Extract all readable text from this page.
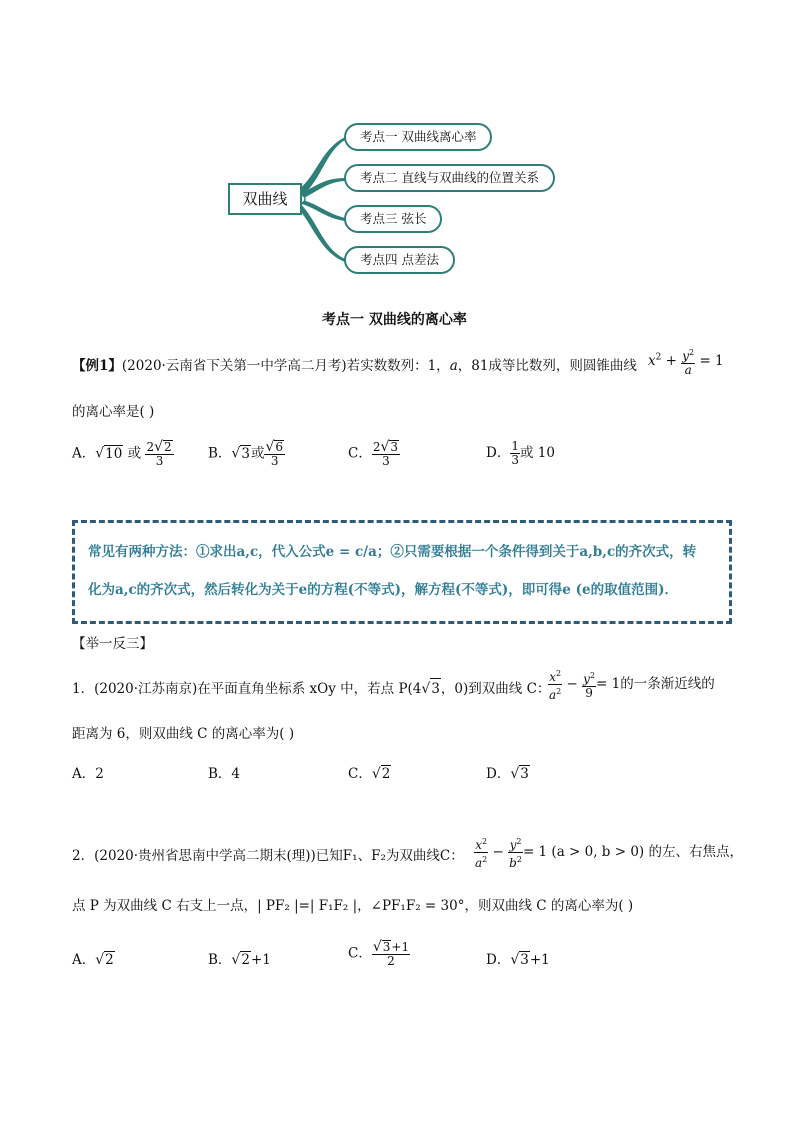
双曲线
考点一 双曲线离心率
考点二 直线与双曲线的位置关系
考点三 弦长
考点四 点差法
考点一 双曲线的离心率
【例1】(2020·云南省下关第一中学高二月考)若实数数列：1，a，81成等比数列，则圆锥曲线 $x^2 + \frac{y^2}{a} = 1$
的离心率是( )
A．√10 或 $\frac{2√2}{3}$	B．√3或 $\frac{√6}{3}$	C． $\frac{2√3}{3}$	D． $\frac{1}{3}$ 或 10
常见有两种方法：①求出a,c，代入公式e = c/a；②只需要根据一个条件得到关于a,b,c的齐次式，转
化为a,c的齐次式，然后转化为关于e的方程(不等式)，解方程(不等式)，即可得e (e的取值范围)．
【举一反三】
1．(2020·江苏南京)在平面直角坐标系 xOy 中，若点 P(4√3，0)到双曲线 C：
$\frac{x^2}{a^2} - \frac{y^2}{9} = 1$的一条渐近线的
距离为 6，则双曲线 C 的离心率为( )
A．2	B．4	C．√2	D．√3
2．(2020·贵州省思南中学高二期末(理))已知F₁、F₂为双曲线C： $\frac{x^2}{a^2} - \frac{y^2}{b^2} = 1$ (a > 0, b > 0) 的左、右焦点，
点 P 为双曲线 C 右支上一点，| PF₂ |=| F₁F₂ |，∠PF₁F₂ = 30°，则双曲线 C 的离心率为( )
A．√2	B．√2+1	C． $\frac{√3+1}{2}$	D．√3+1
